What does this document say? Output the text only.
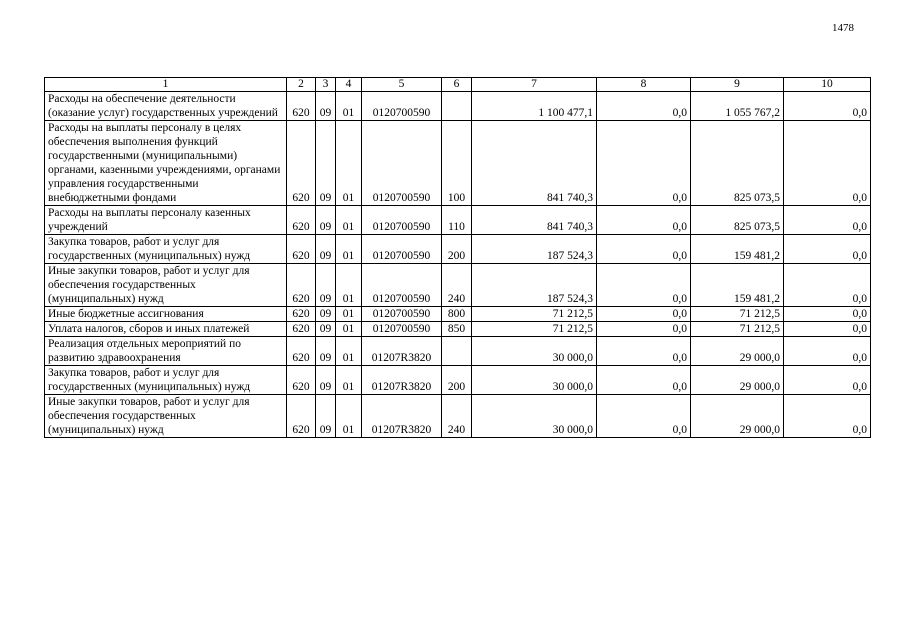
1478
1	2	3	4	5	6	7	8	9	10
Расходы на обеспечение деятельности (оказание услуг) государственных учреждений	620	09	01	0120700590		1 100 477,1	0,0	1 055 767,2	0,0
Расходы на выплаты персоналу в целях обеспечения выполнения функций государственными (муниципальными) органами, казенными учреждениями, органами управления государственными внебюджетными фондами	620	09	01	0120700590	100	841 740,3	0,0	825 073,5	0,0
Расходы на выплаты персоналу казенных учреждений	620	09	01	0120700590	110	841 740,3	0,0	825 073,5	0,0
Закупка товаров, работ и услуг для государственных (муниципальных) нужд	620	09	01	0120700590	200	187 524,3	0,0	159 481,2	0,0
Иные закупки товаров, работ и услуг для обеспечения государственных (муниципальных) нужд	620	09	01	0120700590	240	187 524,3	0,0	159 481,2	0,0
Иные бюджетные ассигнования	620	09	01	0120700590	800	71 212,5	0,0	71 212,5	0,0
Уплата налогов, сборов и иных платежей	620	09	01	0120700590	850	71 212,5	0,0	71 212,5	0,0
Реализация отдельных мероприятий по развитию здравоохранения	620	09	01	01207R3820		30 000,0	0,0	29 000,0	0,0
Закупка товаров, работ и услуг для государственных (муниципальных) нужд	620	09	01	01207R3820	200	30 000,0	0,0	29 000,0	0,0
Иные закупки товаров, работ и услуг для обеспечения государственных (муниципальных) нужд	620	09	01	01207R3820	240	30 000,0	0,0	29 000,0	0,0
